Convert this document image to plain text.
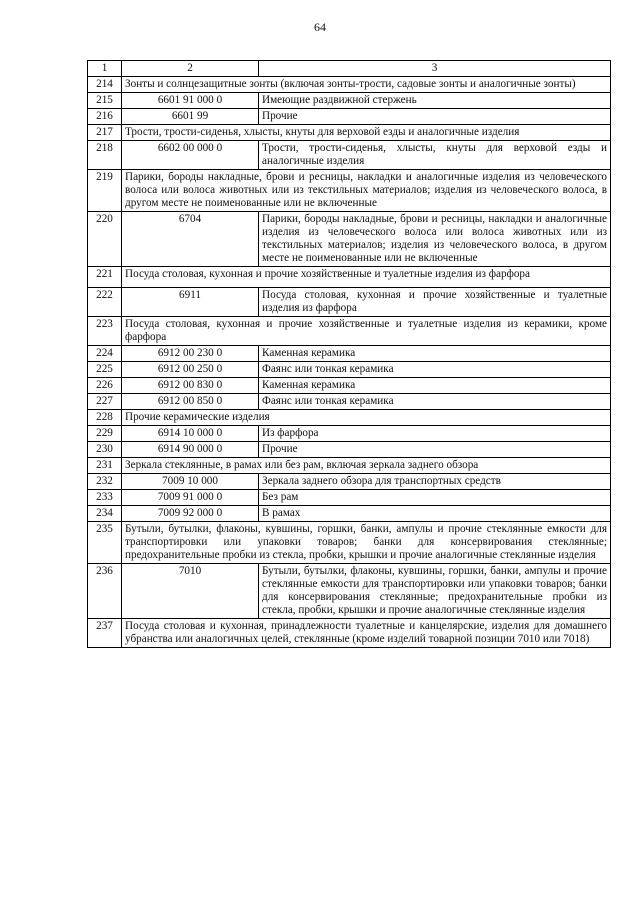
64
1	2	3
214	Зонты и солнцезащитные зонты (включая зонты-трости, садовые зонты и аналогичные зонты)	
215	6601 91 000 0	Имеющие раздвижной стержень
216	6601 99	Прочие
217	Трости, трости-сиденья, хлысты, кнуты для верховой езды и аналогичные изделия	
218	6602 00 000 0	Трости, трости-сиденья, хлысты, кнуты для верховой езды и аналогичные изделия
219	Парики, бороды накладные, брови и ресницы, накладки и аналогичные изделия из человеческого волоса или волоса животных или из текстильных материалов; изделия из человеческого волоса, в другом месте не поименованные или не включенные	
220	6704	Парики, бороды накладные, брови и ресницы, накладки и аналогичные изделия из человеческого волоса или волоса животных или из текстильных материалов; изделия из человеческого волоса, в другом месте не поименованные или не включенные
221	Посуда столовая, кухонная и прочие хозяйственные и туалетные изделия из фарфора	
222	6911	Посуда столовая, кухонная и прочие хозяйственные и туалетные изделия из фарфора
223	Посуда столовая, кухонная и прочие хозяйственные и туалетные изделия из керамики, кроме фарфора	
224	6912 00 230 0	Каменная керамика
225	6912 00 250 0	Фаянс или тонкая керамика
226	6912 00 830 0	Каменная керамика
227	6912 00 850 0	Фаянс или тонкая керамика
228	Прочие керамические изделия	
229	6914 10 000 0	Из фарфора
230	6914 90 000 0	Прочие
231	Зеркала стеклянные, в рамах или без рам, включая зеркала заднего обзора	
232	7009 10 000	Зеркала заднего обзора для транспортных средств
233	7009 91 000 0	Без рам
234	7009 92 000 0	В рамах
235	Бутыли, бутылки, флаконы, кувшины, горшки, банки, ампулы и прочие стеклянные емкости для транспортировки или упаковки товаров; банки для консервирования стеклянные; предохранительные пробки из стекла, пробки, крышки и прочие аналогичные стеклянные изделия	
236	7010	Бутыли, бутылки, флаконы, кувшины, горшки, банки, ампулы и прочие стеклянные емкости для транспортировки или упаковки товаров; банки для консервирования стеклянные; предохранительные пробки из стекла, пробки, крышки и прочие аналогичные стеклянные изделия
237	Посуда столовая и кухонная, принадлежности туалетные и канцелярские, изделия для домашнего убранства или аналогичных целей, стеклянные (кроме изделий товарной позиции 7010 или 7018)	
